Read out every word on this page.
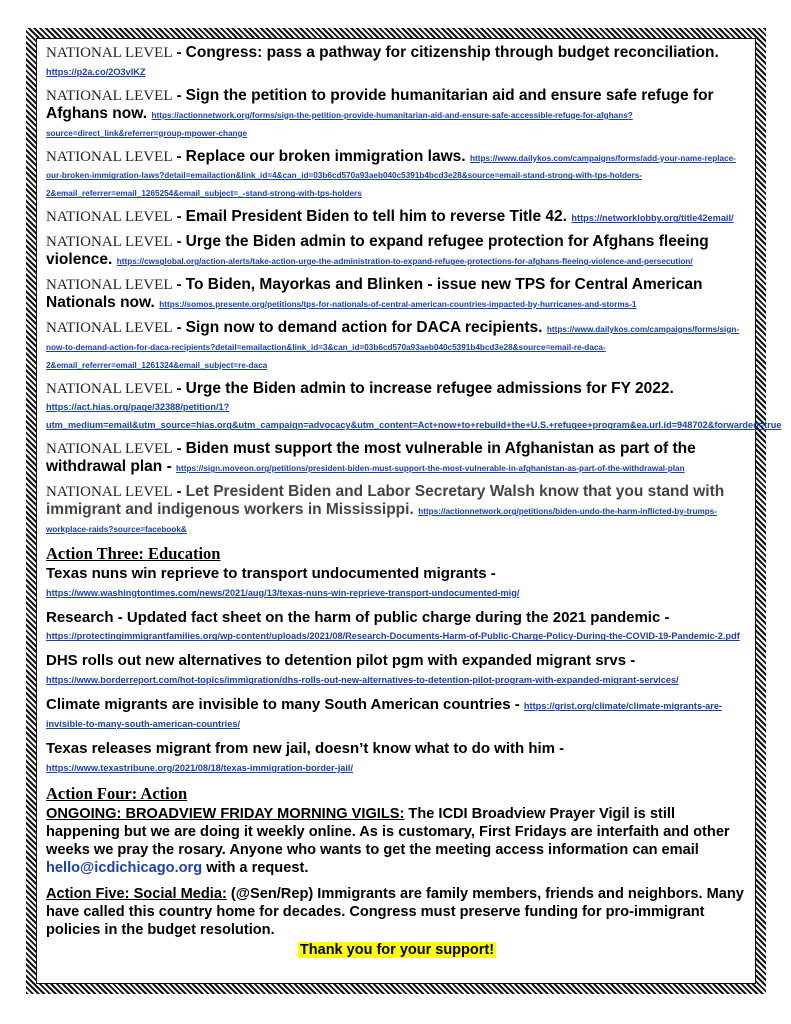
NATIONAL LEVEL - Congress: pass a pathway for citizenship through budget reconciliation. https://p2a.co/2O3vIKZ
NATIONAL LEVEL - Sign the petition to provide humanitarian aid and ensure safe refuge for Afghans now. https://actionnetwork.org/forms/sign-the-petition-provide-humanitarian-aid-and-ensure-safe-accessible-refuge-for-afghans?source=direct_link&referrer=group-mpower-change
NATIONAL LEVEL - Replace our broken immigration laws. https://www.dailykos.com/campaigns/forms/add-your-name-replace-our-broken-immigration-laws?detail=emailaction&link_id=4&can_id=03b6cd570a93aeb040c5391b4bcd3e28&source=email-stand-strong-with-tps-holders-2&email_referrer=email_1265254&email_subject=_-stand-strong-with-tps-holders
NATIONAL LEVEL - Email President Biden to tell him to reverse Title 42. https://networklobby.org/title42email/
NATIONAL LEVEL - Urge the Biden admin to expand refugee protection for Afghans fleeing violence. https://cwsglobal.org/action-alerts/take-action-urge-the-administration-to-expand-refugee-protections-for-afghans-fleeing-violence-and-persecution/
NATIONAL LEVEL - To Biden, Mayorkas and Blinken - issue new TPS for Central American Nationals now. https://somos.presente.org/petitions/tps-for-nationals-of-central-american-countries-impacted-by-hurricanes-and-storms-1
NATIONAL LEVEL - Sign now to demand action for DACA recipients. https://www.dailykos.com/campaigns/forms/sign-now-to-demand-action-for-daca-recipients?detail=emailaction&link_id=3&can_id=03b6cd570a93aeb040c5391b4bcd3e28&source=email-re-daca-2&email_referrer=email_1261324&email_subject=re-daca
NATIONAL LEVEL - Urge the Biden admin to increase refugee admissions for FY 2022. https://act.hias.org/page/32388/petition/1?utm_medium=email&utm_source=hias.org&utm_campaign=advocacy&utm_content=Act+now+to+rebuild+the+U.S.+refugee+program&ea.url.id=948702&forwarded=true
NATIONAL LEVEL - Biden must support the most vulnerable in Afghanistan as part of the withdrawal plan - https://sign.moveon.org/petitions/president-biden-must-support-the-most-vulnerable-in-afghanistan-as-part-of-the-withdrawal-plan
NATIONAL LEVEL - Let President Biden and Labor Secretary Walsh know that you stand with immigrant and indigenous workers in Mississippi. https://actionnetwork.org/petitions/biden-undo-the-harm-inflicted-by-trumps-workplace-raids?source=facebook&
Action Three: Education
Texas nuns win reprieve to transport undocumented migrants - https://www.washingtontimes.com/news/2021/aug/13/texas-nuns-win-reprieve-transport-undocumented-mig/
Research - Updated fact sheet on the harm of public charge during the 2021 pandemic - https://protectingimmigrantfamilies.org/wp-content/uploads/2021/08/Research-Documents-Harm-of-Public-Charge-Policy-During-the-COVID-19-Pandemic-2.pdf
DHS rolls out new alternatives to detention pilot pgm with expanded migrant srvs - https://www.borderreport.com/hot-topics/immigration/dhs-rolls-out-new-alternatives-to-detention-pilot-program-with-expanded-migrant-services/
Climate migrants are invisible to many South American countries - https://grist.org/climate/climate-migrants-are-invisible-to-many-south-american-countries/
Texas releases migrant from new jail, doesn’t know what to do with him - https://www.texastribune.org/2021/08/18/texas-immigration-border-jail/
Action Four: Action
ONGOING: BROADVIEW FRIDAY MORNING VIGILS: The ICDI Broadview Prayer Vigil is still happening but we are doing it weekly online. As is customary, First Fridays are interfaith and other weeks we pray the rosary. Anyone who wants to get the meeting access information can email hello@icdichicago.org with a request.
Action Five: Social Media: (@Sen/Rep) Immigrants are family members, friends and neighbors. Many have called this country home for decades. Congress must preserve funding for pro-immigrant policies in the budget resolution.
Thank you for your support!
